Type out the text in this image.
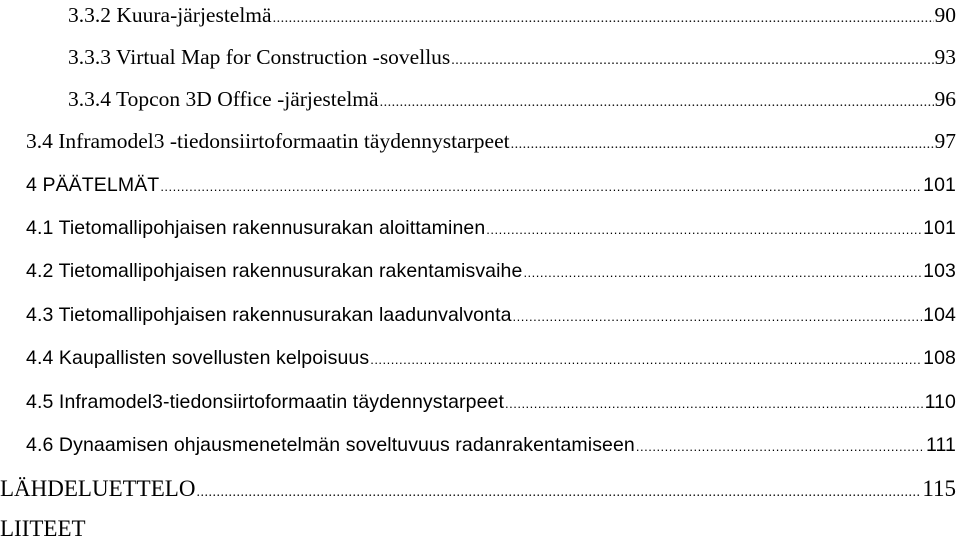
3.3.2 Kuura-järjestelmä .....	90
3.3.3 Virtual Map for Construction -sovellus .....	93
3.3.4 Topcon 3D Office -järjestelmä .....	96
3.4 Inframodel3 -tiedonsiirtoformaatin täydennystarpeet .....	97
4 PÄÄTELMÄT .....	101
4.1 Tietomallipohjaisen rakennusurakan aloittaminen .....	101
4.2 Tietomallipohjaisen rakennusurakan rakentamisvaihe .....	103
4.3 Tietomallipohjaisen rakennusurakan laadunvalvonta .....	104
4.4 Kaupallisten sovellusten kelpoisuus .....	108
4.5 Inframodel3-tiedonsiirtoformaatin täydennystarpeet .....	110
4.6 Dynaamisen ohjausmenetelmän soveltuvuus radanrakentamiseen .....	111
LÄHDELUETTELO .....	115
LIITEET
